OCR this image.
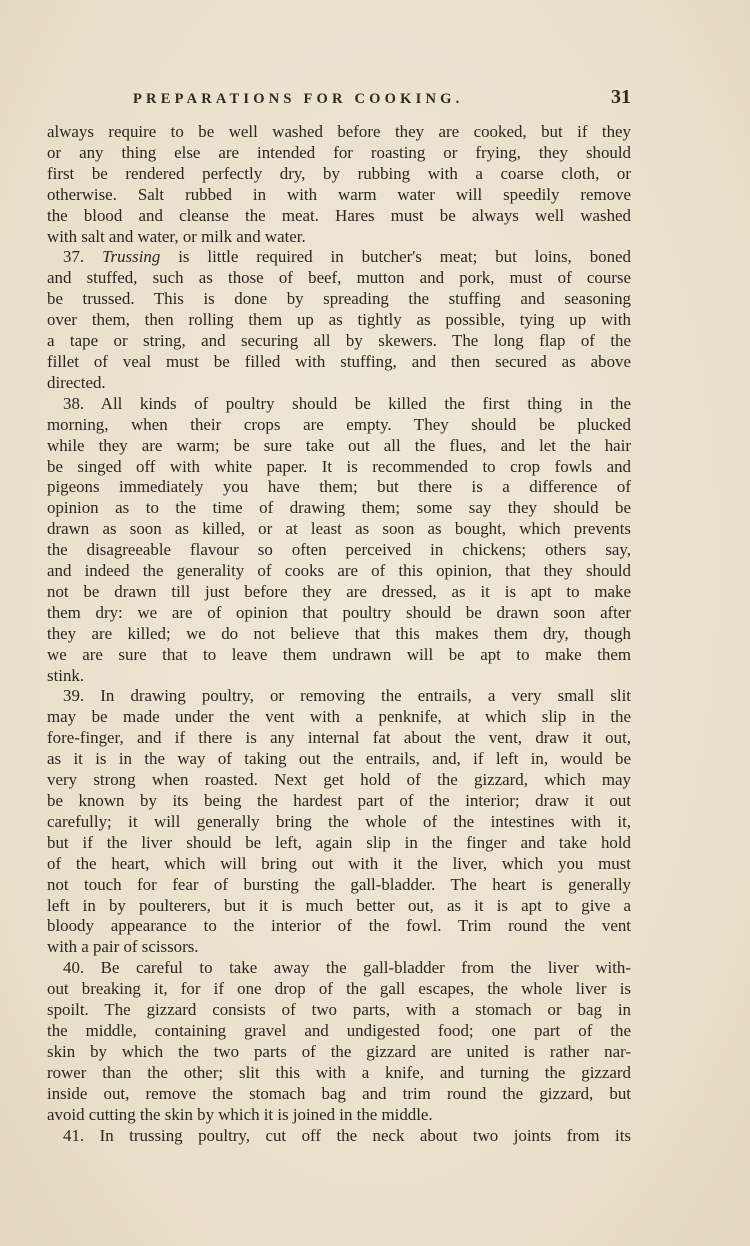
PREPARATIONS FOR COOKING.	31
always require to be well washed before they are cooked, but if they
or any thing else are intended for roasting or frying, they should
first be rendered perfectly dry, by rubbing with a coarse cloth, or
otherwise. Salt rubbed in with warm water will speedily remove
the blood and cleanse the meat. Hares must be always well washed
with salt and water, or milk and water.
37. Trussing is little required in butcher's meat; but loins, boned
and stuffed, such as those of beef, mutton and pork, must of course
be trussed. This is done by spreading the stuffing and seasoning
over them, then rolling them up as tightly as possible, tying up with
a tape or string, and securing all by skewers. The long flap of the
fillet of veal must be filled with stuffing, and then secured as above
directed.
38. All kinds of poultry should be killed the first thing in the
morning, when their crops are empty. They should be plucked
while they are warm; be sure take out all the flues, and let the hair
be singed off with white paper. It is recommended to crop fowls and
pigeons immediately you have them; but there is a difference of
opinion as to the time of drawing them; some say they should be
drawn as soon as killed, or at least as soon as bought, which prevents
the disagreeable flavour so often perceived in chickens; others say,
and indeed the generality of cooks are of this opinion, that they should
not be drawn till just before they are dressed, as it is apt to make
them dry: we are of opinion that poultry should be drawn soon after
they are killed; we do not believe that this makes them dry, though
we are sure that to leave them undrawn will be apt to make them
stink.
39. In drawing poultry, or removing the entrails, a very small slit
may be made under the vent with a penknife, at which slip in the
fore-finger, and if there is any internal fat about the vent, draw it out,
as it is in the way of taking out the entrails, and, if left in, would be
very strong when roasted. Next get hold of the gizzard, which may
be known by its being the hardest part of the interior; draw it out
carefully; it will generally bring the whole of the intestines with it,
but if the liver should be left, again slip in the finger and take hold
of the heart, which will bring out with it the liver, which you must
not touch for fear of bursting the gall-bladder. The heart is generally
left in by poulterers, but it is much better out, as it is apt to give a
bloody appearance to the interior of the fowl. Trim round the vent
with a pair of scissors.
40. Be careful to take away the gall-bladder from the liver with-
out breaking it, for if one drop of the gall escapes, the whole liver is
spoilt. The gizzard consists of two parts, with a stomach or bag in
the middle, containing gravel and undigested food; one part of the
skin by which the two parts of the gizzard are united is rather nar-
rower than the other; slit this with a knife, and turning the gizzard
inside out, remove the stomach bag and trim round the gizzard, but
avoid cutting the skin by which it is joined in the middle.
41. In trussing poultry, cut off the neck about two joints from its
